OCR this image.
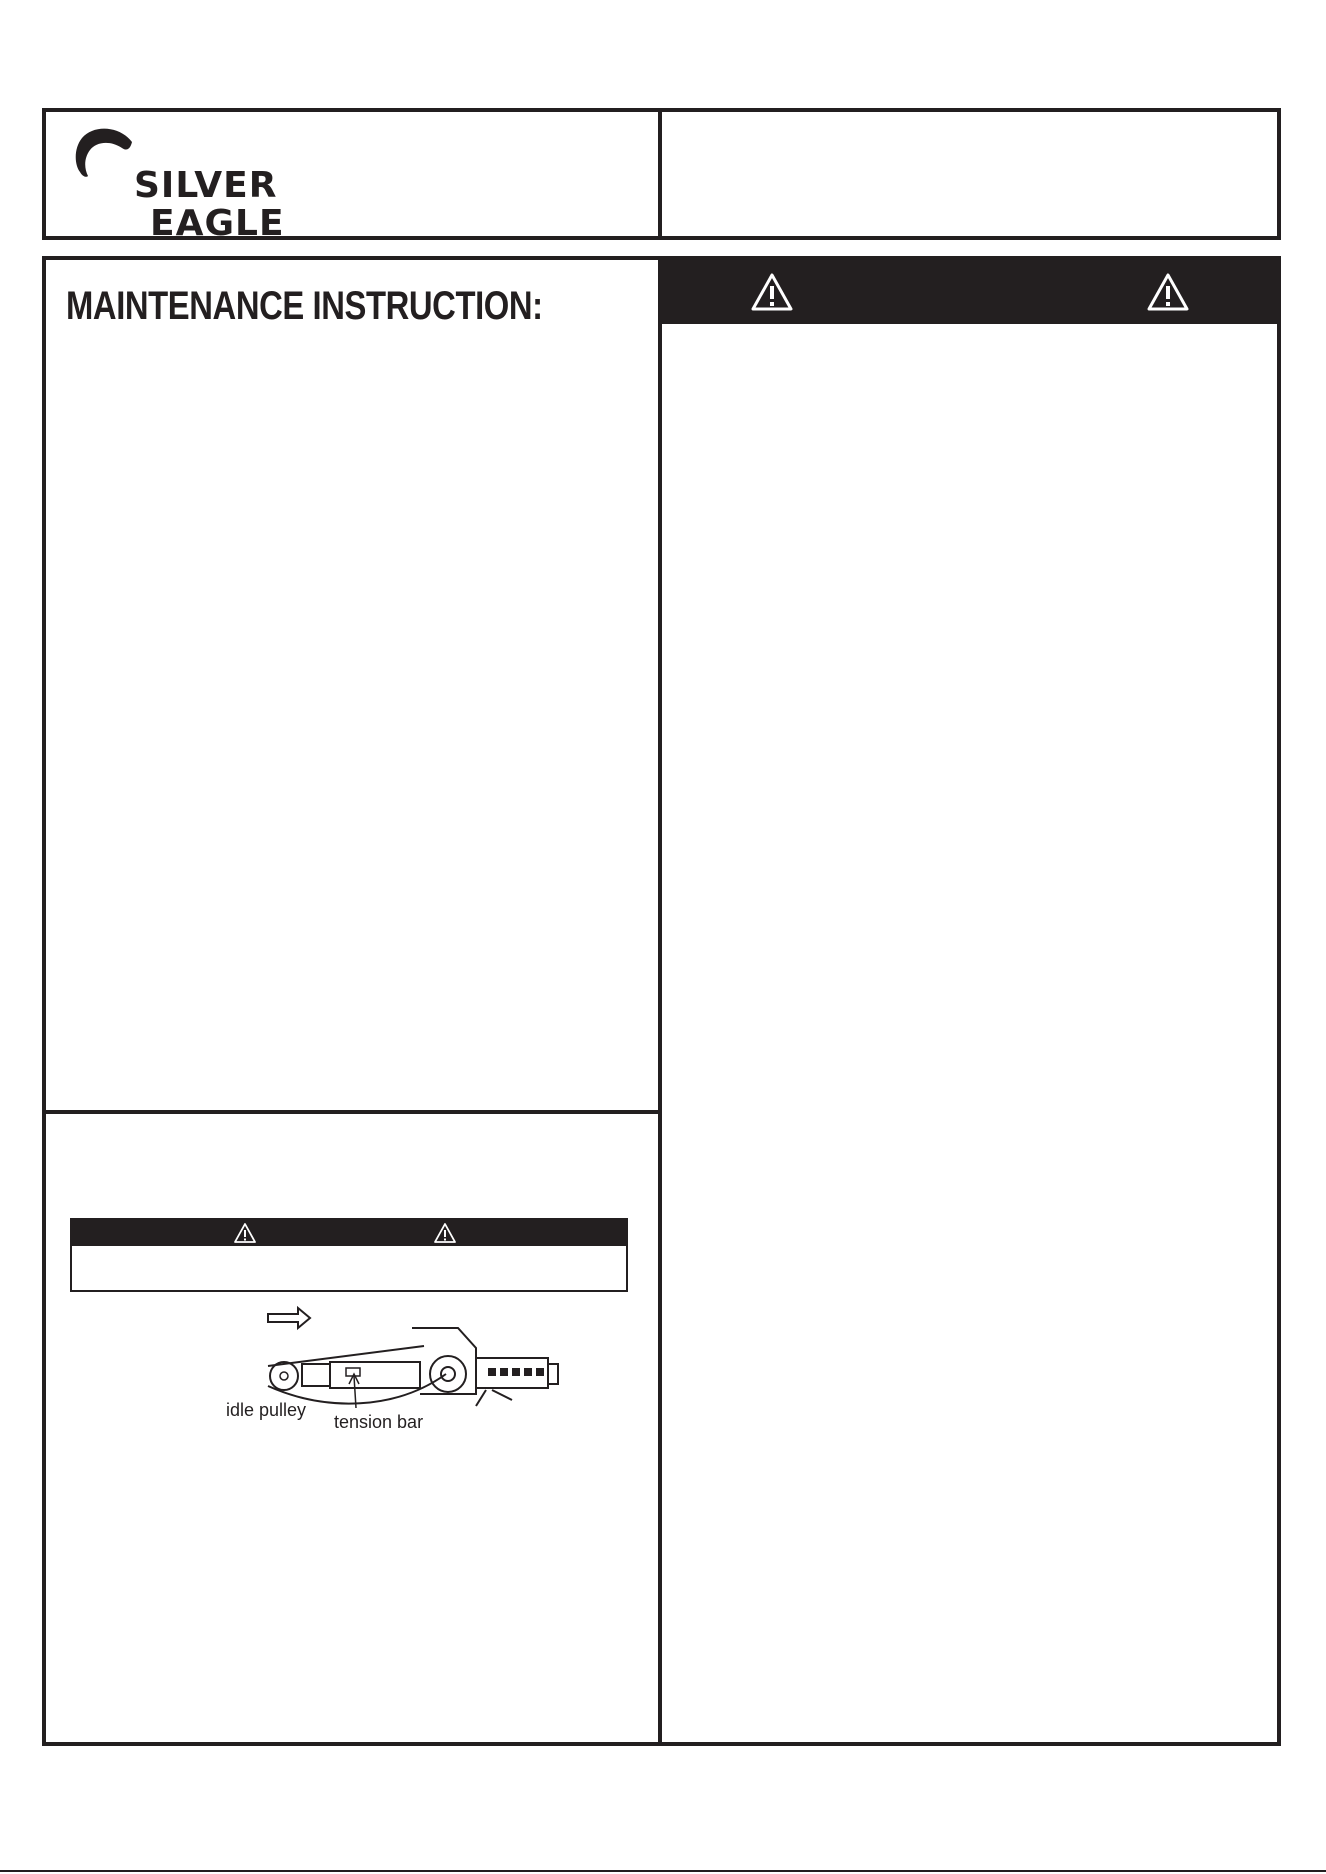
SILVER
EAGLE
MAINTENANCE INSTRUCTION:
idle pulley
tension bar
